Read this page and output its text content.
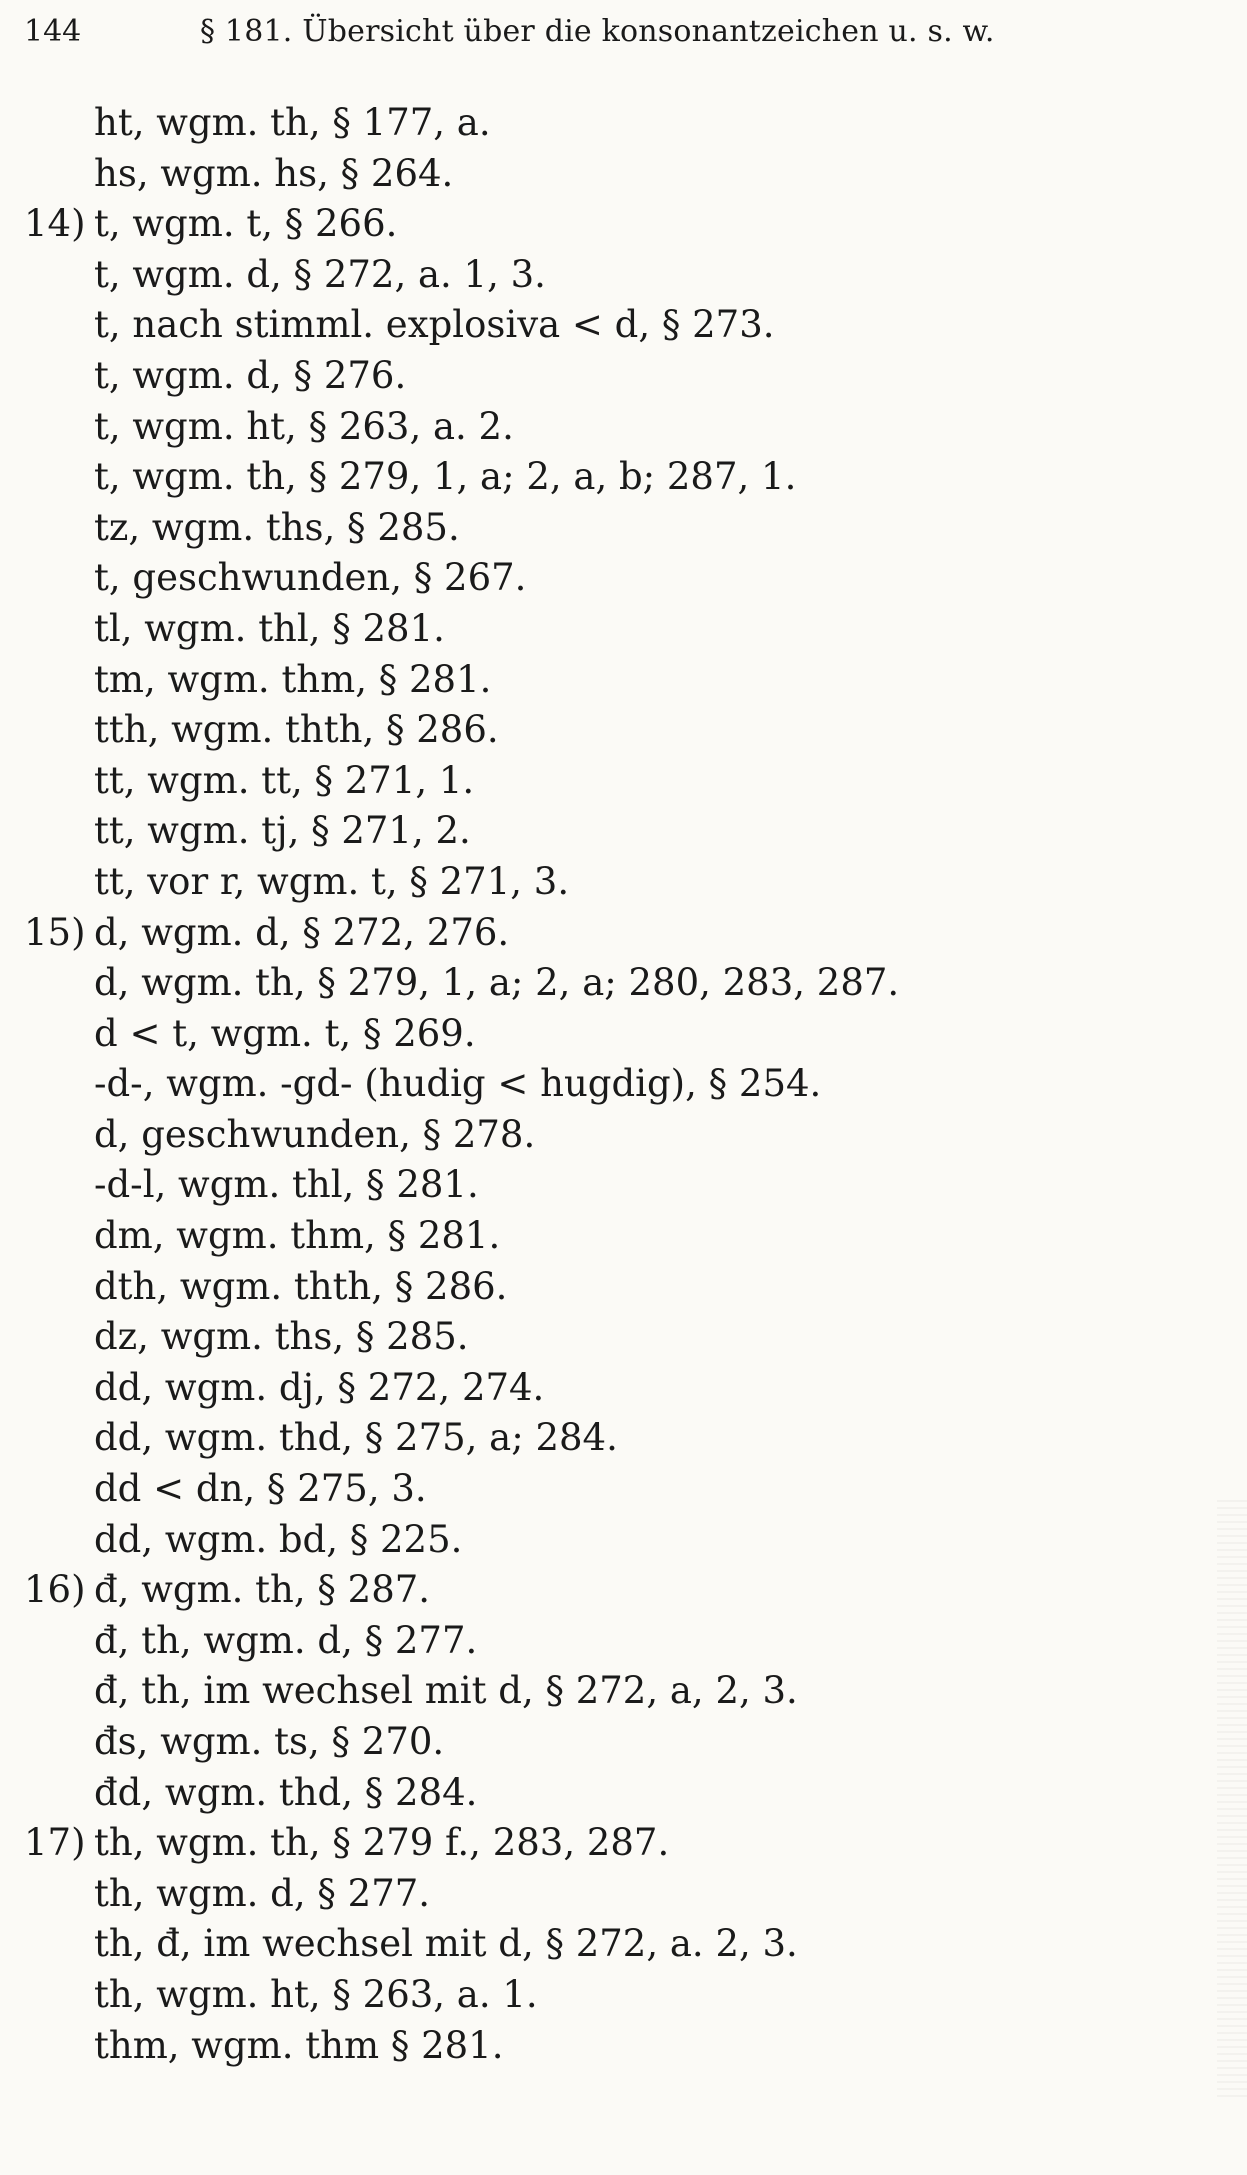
144	§ 181. Übersicht über die konsonantzeichen u. s. w.
ht, wgm. th, § 177, a.
hs, wgm. hs, § 264.
14) t, wgm. t, § 266.
t, wgm. d, § 272, a. 1, 3.
t, nach stimml. explosiva < d, § 273.
t, wgm. d, § 276.
t, wgm. ht, § 263, a. 2.
t, wgm. th, § 279, 1, a; 2, a, b; 287, 1.
tz, wgm. ths, § 285.
t, geschwunden, § 267.
tl, wgm. thl, § 281.
tm, wgm. thm, § 281.
tth, wgm. thth, § 286.
tt, wgm. tt, § 271, 1.
tt, wgm. tj, § 271, 2.
tt, vor r, wgm. t, § 271, 3.
15) d, wgm. d, § 272, 276.
d, wgm. th, § 279, 1, a; 2, a; 280, 283, 287.
d < t, wgm. t, § 269.
-d-, wgm. -gd- (hudig < hugdig), § 254.
d, geschwunden, § 278.
-d-l, wgm. thl, § 281.
dm, wgm. thm, § 281.
dth, wgm. thth, § 286.
dz, wgm. ths, § 285.
dd, wgm. dj, § 272, 274.
dd, wgm. thd, § 275, a; 284.
dd < dn, § 275, 3.
dd, wgm. bd, § 225.
16) đ, wgm. th, § 287.
đ, th, wgm. d, § 277.
đ, th, im wechsel mit d, § 272, a, 2, 3.
đs, wgm. ts, § 270.
đd, wgm. thd, § 284.
17) th, wgm. th, § 279 f., 283, 287.
th, wgm. d, § 277.
th, đ, im wechsel mit d, § 272, a. 2, 3.
th, wgm. ht, § 263, a. 1.
thm, wgm. thm § 281.
